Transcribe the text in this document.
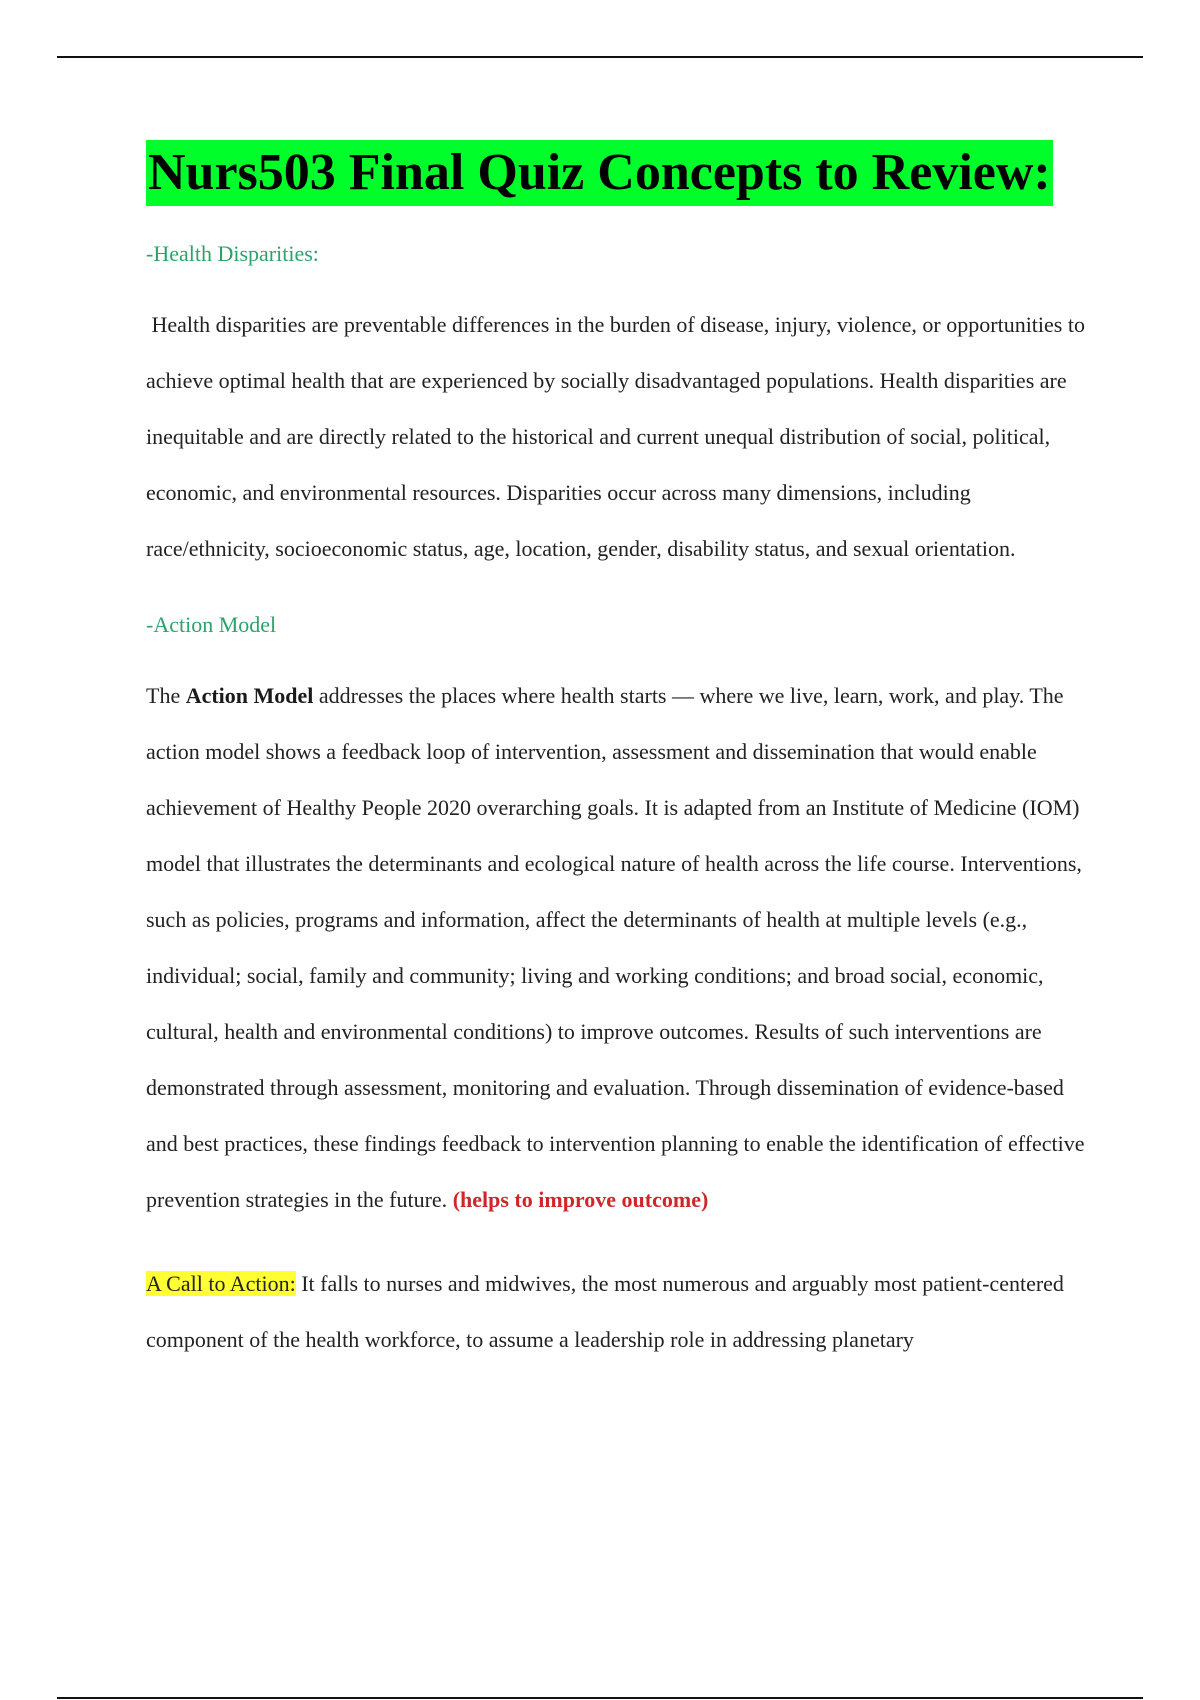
Nurs503 Final Quiz Concepts to Review:

-Health Disparities:

Health disparities are preventable differences in the burden of disease, injury, violence, or opportunities to achieve optimal health that are experienced by socially disadvantaged populations. Health disparities are inequitable and are directly related to the historical and current unequal distribution of social, political, economic, and environmental resources. Disparities occur across many dimensions, including race/ethnicity, socioeconomic status, age, location, gender, disability status, and sexual orientation.

-Action Model

The Action Model addresses the places where health starts — where we live, learn, work, and play. The action model shows a feedback loop of intervention, assessment and dissemination that would enable achievement of Healthy People 2020 overarching goals. It is adapted from an Institute of Medicine (IOM) model that illustrates the determinants and ecological nature of health across the life course. Interventions, such as policies, programs and information, affect the determinants of health at multiple levels (e.g., individual; social, family and community; living and working conditions; and broad social, economic, cultural, health and environmental conditions) to improve outcomes. Results of such interventions are demonstrated through assessment, monitoring and evaluation. Through dissemination of evidence-based and best practices, these findings feedback to intervention planning to enable the identification of effective prevention strategies in the future. (helps to improve outcome)

A Call to Action: It falls to nurses and midwives, the most numerous and arguably most patient-centered component of the health workforce, to assume a leadership role in addressing planetary
